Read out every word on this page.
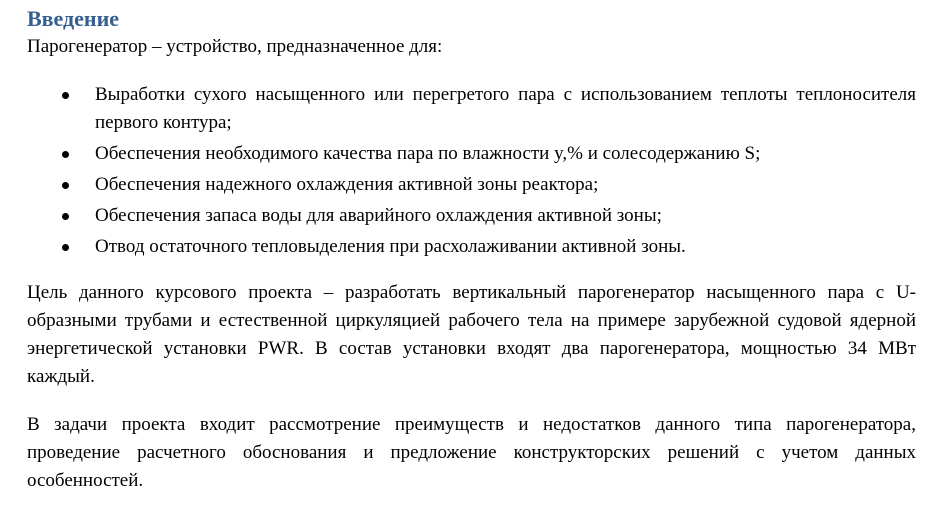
Введение

Парогенератор – устройство, предназначенное для:

Выработки сухого насыщенного или перегретого пара с использованием теплоты теплоносителя первого контура;
Обеспечения необходимого качества пара по влажности y,% и солесодержанию S;
Обеспечения надежного охлаждения активной зоны реактора;
Обеспечения запаса воды для аварийного охлаждения активной зоны;
Отвод остаточного тепловыделения при расхолаживании активной зоны.

Цель данного курсового проекта – разработать вертикальный парогенератор насыщенного пара с U-образными трубами и естественной циркуляцией рабочего тела на примере зарубежной судовой ядерной энергетической установки PWR. В состав установки входят два парогенератора, мощностью 34 МВт каждый.

В задачи проекта входит рассмотрение преимуществ и недостатков данного типа парогенератора, проведение расчетного обоснования и предложение конструкторских решений с учетом данных особенностей.
